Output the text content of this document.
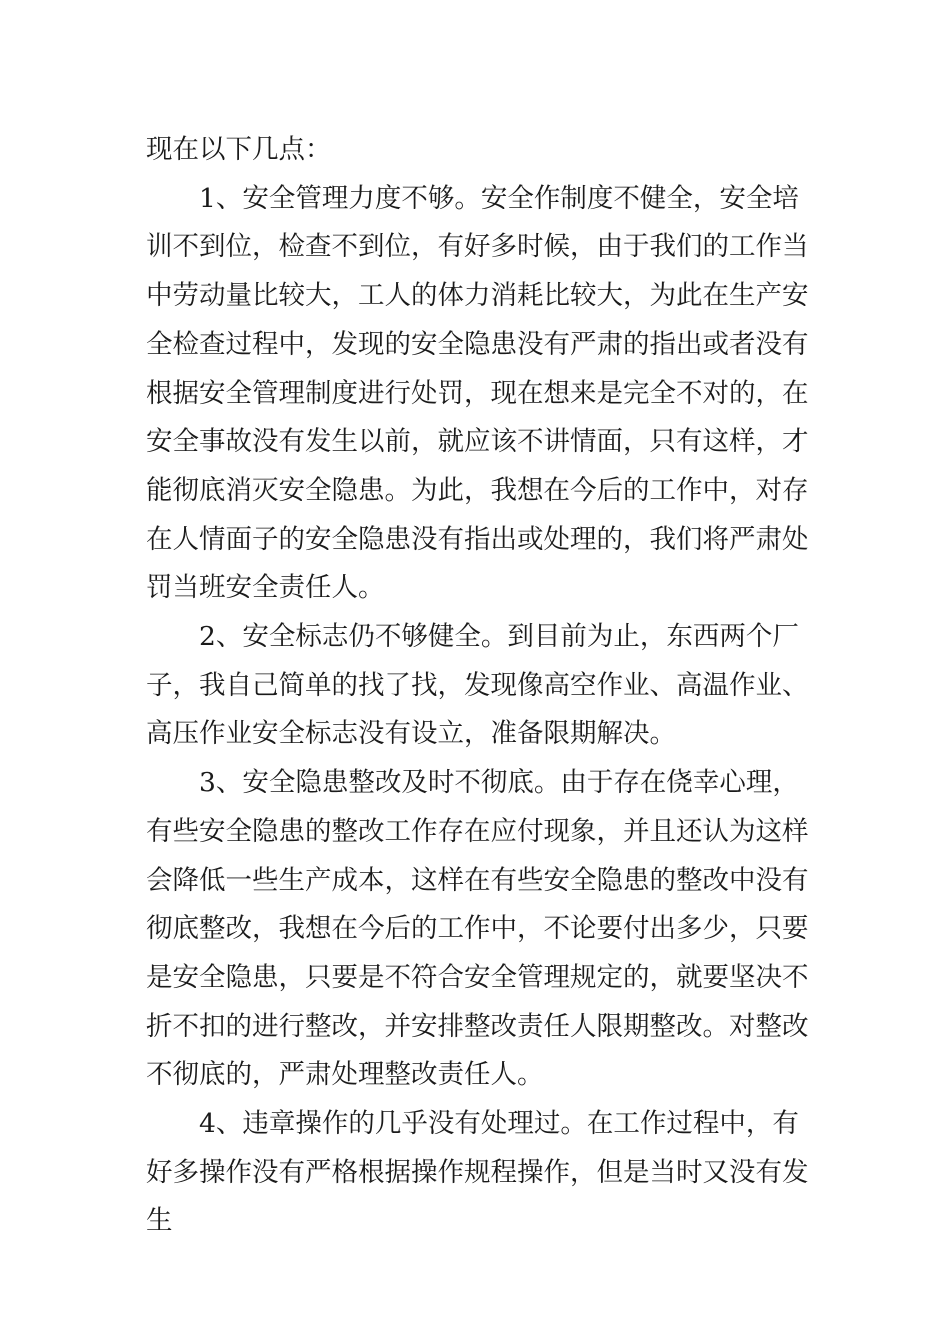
现在以下几点：

1、安全管理力度不够。安全作制度不健全，安全培训不到位，检查不到位，有好多时候，由于我们的工作当中劳动量比较大，工人的体力消耗比较大，为此在生产安全检查过程中，发现的安全隐患没有严肃的指出或者没有根据安全管理制度进行处罚，现在想来是完全不对的，在安全事故没有发生以前，就应该不讲情面，只有这样，才能彻底消灭安全隐患。为此，我想在今后的工作中，对存在人情面子的安全隐患没有指出或处理的，我们将严肃处罚当班安全责任人。

2、安全标志仍不够健全。到目前为止，东西两个厂子，我自己简单的找了找，发现像高空作业、高温作业、高压作业安全标志没有设立，准备限期解决。

3、安全隐患整改及时不彻底。由于存在侥幸心理，有些安全隐患的整改工作存在应付现象，并且还认为这样会降低一些生产成本，这样在有些安全隐患的整改中没有彻底整改，我想在今后的工作中，不论要付出多少，只要是安全隐患，只要是不符合安全管理规定的，就要坚决不折不扣的进行整改，并安排整改责任人限期整改。对整改不彻底的，严肃处理整改责任人。

4、违章操作的几乎没有处理过。在工作过程中，有好多操作没有严格根据操作规程操作，但是当时又没有发生
